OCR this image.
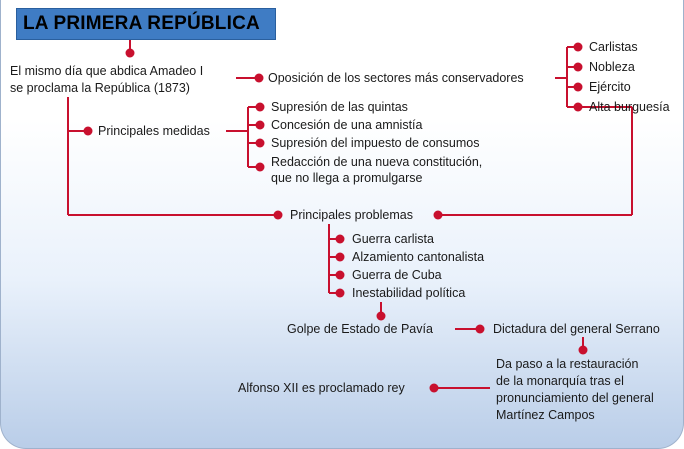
LA PRIMERA REPÚBLICA
El mismo día que abdica Amadeo I
se proclama la República (1873)
Oposición de los sectores más conservadores
Carlistas
Nobleza
Ejército
Alta burguesía
Principales medidas
Supresión de las quintas
Concesión de una amnistía
Supresión del impuesto de consumos
Redacción de una nueva constitución,
que no llega a promulgarse
Principales problemas
Guerra carlista
Alzamiento cantonalista
Guerra de Cuba
Inestabilidad política
Golpe de Estado de Pavía	Dictadura del general Serrano
Da paso a la restauración
de la monarquía tras el
pronunciamiento del general
Martínez Campos
Alfonso XII es proclamado rey
